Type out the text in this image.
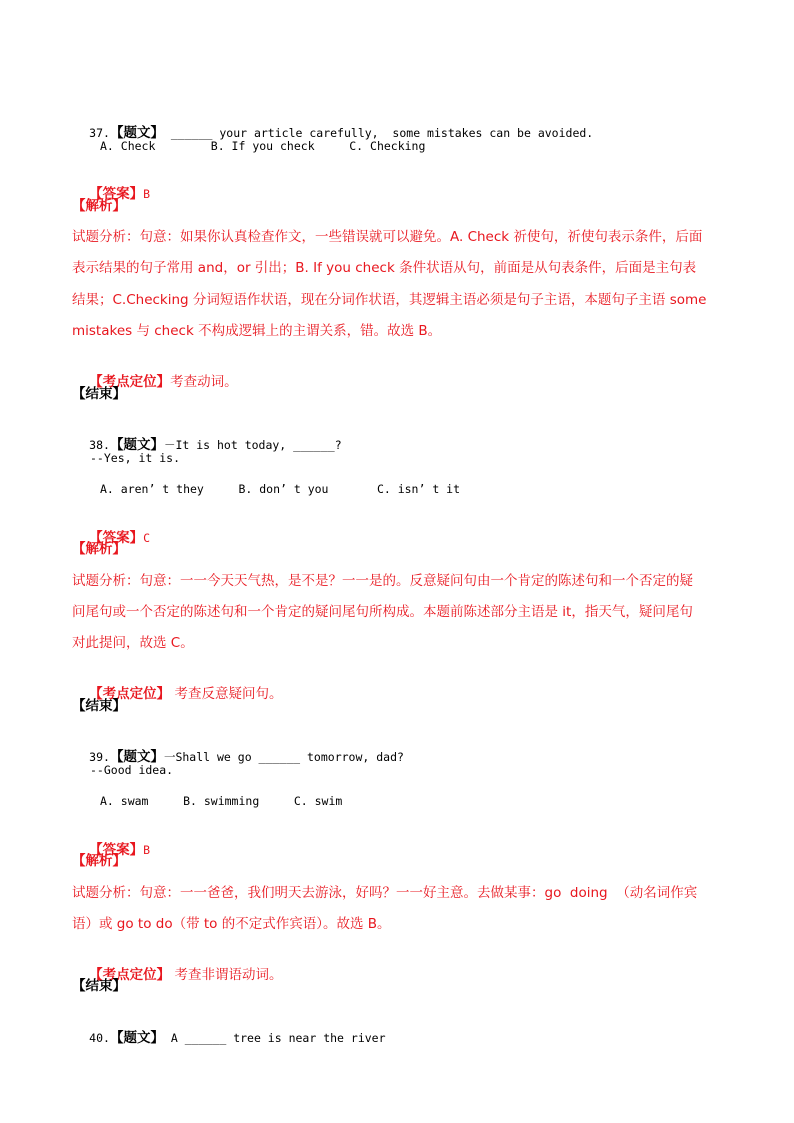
37.【题文】 ______ your article carefully,  some mistakes can be avoided.

A. Check        B. If you check     C. Checking

【答案】B

【解析】
试题分析：句意：如果你认真检查作文，一些错误就可以避免。A. Check 祈使句，祈使句表示条件，后面
表示结果的句子常用 and，or 引出；B. If you check 条件状语从句，前面是从句表条件，后面是主句表
结果；C.Checking 分词短语作状语，现在分词作状语，其逻辑主语必须是句子主语，本题句子主语 some
mistakes 与 check 不构成逻辑上的主谓关系，错。故选 B。

【考点定位】考查动词。

【结束】

38.【题文】－It is hot today, ______?

--Yes, it is.
A. aren’ t they     B. don’ t you       C. isn’ t it

【答案】C

【解析】
试题分析：句意：一一今天天气热，是不是？一一是的。反意疑问句由一个肯定的陈述句和一个否定的疑
问尾句或一个否定的陈述句和一个肯定的疑问尾句所构成。本题前陈述部分主语是 it，指天气，疑问尾句
对此提问，故选 C。

【考点定位】 考查反意疑问句。

【结束】

39.【题文】一Shall we go ______ tomorrow, dad?

--Good idea.
A. swam     B. swimming     C. swim

【答案】B

【解析】
试题分析：句意：一一爸爸，我们明天去游泳，好吗？一一好主意。去做某事：go  doing  （动名词作宾
语）或 go to do（带 to 的不定式作宾语）。故选 B。

【考点定位】 考查非谓语动词。

【结束】

40.【题文】 A ______ tree is near the river
